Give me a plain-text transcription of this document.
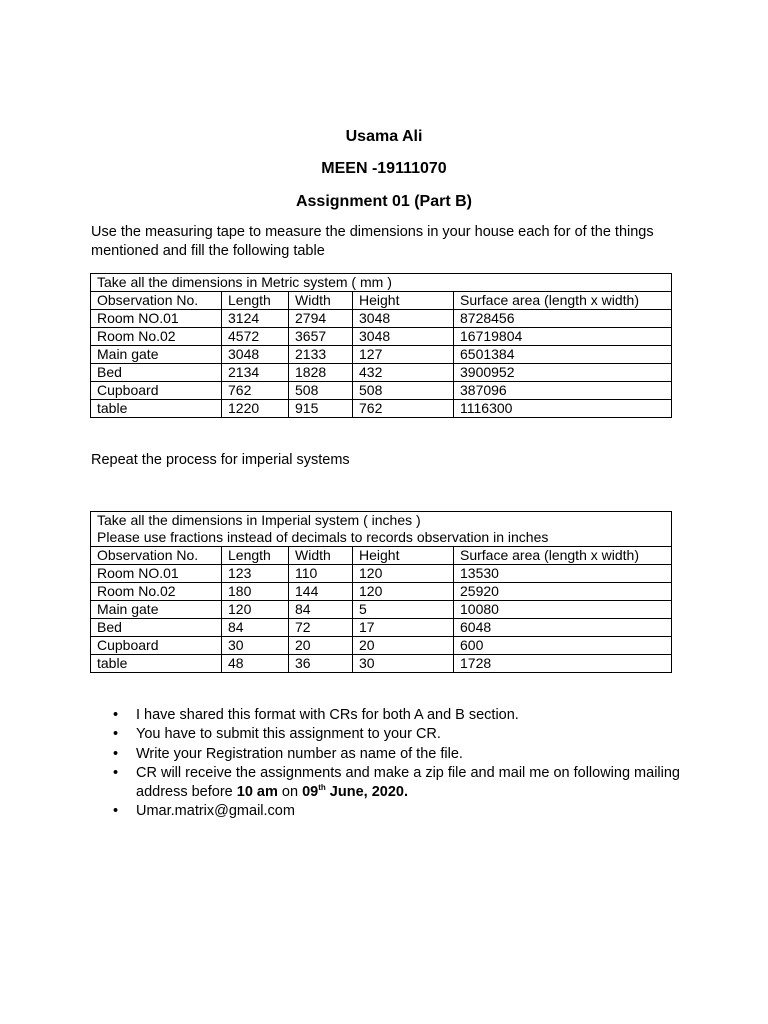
Usama Ali
MEEN -19111070
Assignment 01 (Part B)
Use the measuring tape to measure the dimensions in your house each for of the things mentioned and fill the following table
Take all the dimensions in Metric system ( mm )				
Observation No.	Length	Width	Height	Surface area (length x width)
Room NO.01	3124	2794	3048	8728456
Room No.02	4572	3657	3048	16719804
Main gate	3048	2133	127	6501384
Bed	2134	1828	432	3900952
Cupboard	762	508	508	387096
table	1220	915	762	1116300
Repeat the process for imperial systems
Take all the dimensions in Imperial system ( inches )
Please use fractions instead of decimals to records observation in inches				

Observation No.	Length	Width	Height	Surface area (length x width)
Room NO.01	123	110	120	13530
Room No.02	180	144	120	25920
Main gate	120	84	5	10080
Bed	84	72	17	6048
Cupboard	30	20	20	600
table	48	36	30	1728
• I have shared this format with CRs for both A and B section.
• You have to submit this assignment to your CR.
• Write your Registration number as name of the file.
• CR will receive the assignments and make a zip file and mail me on following mailing address before 10 am on 09th June, 2020.
• Umar.matrix@gmail.com
